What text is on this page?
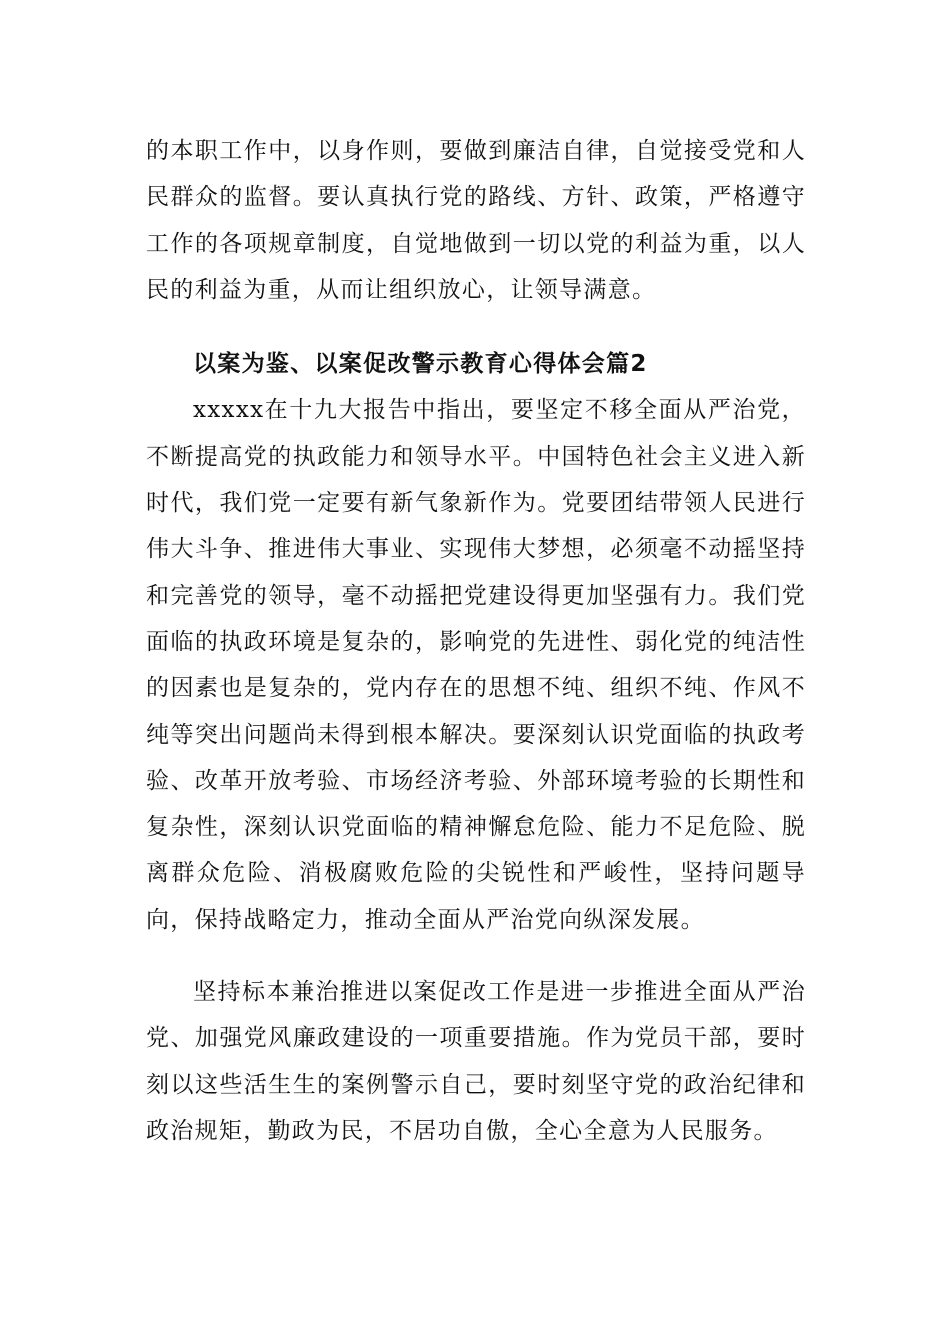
的本职工作中，以身作则，要做到廉洁自律，自觉接受党和人民群众的监督。要认真执行党的路线、方针、政策，严格遵守工作的各项规章制度，自觉地做到一切以党的利益为重，以人民的利益为重，从而让组织放心，让领导满意。

以案为鉴、以案促改警示教育心得体会篇2

xxxxx在十九大报告中指出，要坚定不移全面从严治党，不断提高党的执政能力和领导水平。中国特色社会主义进入新时代，我们党一定要有新气象新作为。党要团结带领人民进行伟大斗争、推进伟大事业、实现伟大梦想，必须毫不动摇坚持和完善党的领导，毫不动摇把党建设得更加坚强有力。我们党面临的执政环境是复杂的，影响党的先进性、弱化党的纯洁性的因素也是复杂的，党内存在的思想不纯、组织不纯、作风不纯等突出问题尚未得到根本解决。要深刻认识党面临的执政考验、改革开放考验、市场经济考验、外部环境考验的长期性和复杂性，深刻认识党面临的精神懈怠危险、能力不足危险、脱离群众危险、消极腐败危险的尖锐性和严峻性，坚持问题导向，保持战略定力，推动全面从严治党向纵深发展。

坚持标本兼治推进以案促改工作是进一步推进全面从严治党、加强党风廉政建设的一项重要措施。作为党员干部，要时刻以这些活生生的案例警示自己，要时刻坚守党的政治纪律和政治规矩，勤政为民，不居功自傲，全心全意为人民服务。
